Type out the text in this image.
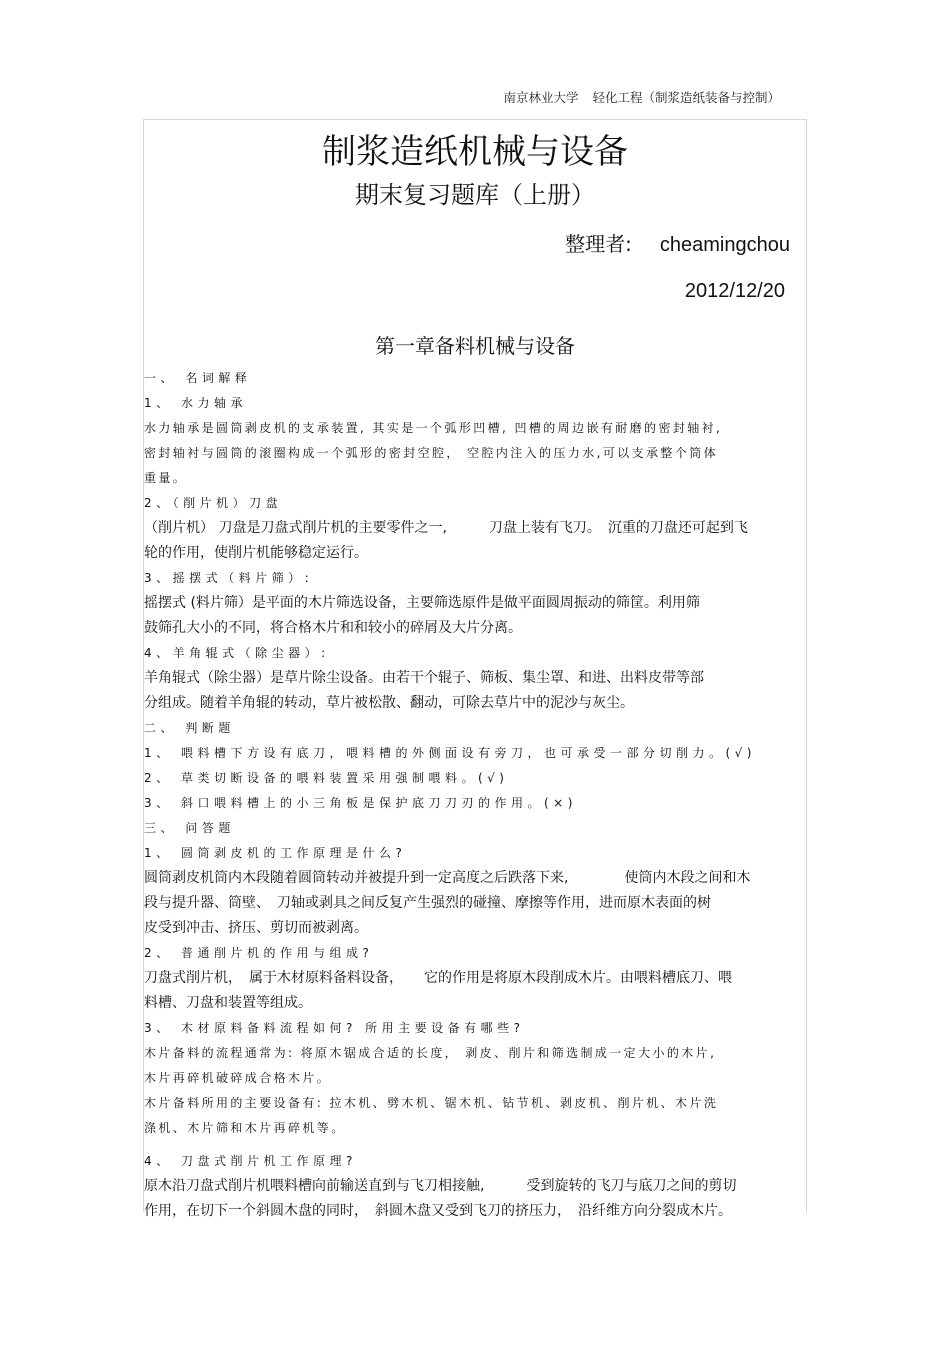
南京林业大学 轻化工程（制浆造纸装备与控制）
制浆造纸机械与设备
期末复习题库（上册）
整理者: cheamingchou
2012/12/20
第一章备料机械与设备

一、 名词解释

1、 水力轴承

水力轴承是圆筒剥皮机的支承装置, 其实是一个弧形凹槽, 凹槽的周边嵌有耐磨的密封轴衬,

密封轴衬与圆筒的滚圈构成一个弧形的密封空腔， 空腔内注入的压力水,可以支承整个筒体

重量。

2、（削片机）刀盘

（削片机） 刀盘是刀盘式削片机的主要零件之一,　　　刀盘上装有飞刀。　沉重的刀盘还可起到飞

轮的作用，使削片机能够稳定运行。

3、摇摆式（料片筛）:

摇摆式 (料片筛）是平面的木片筛选设备，主要筛选原件是做平面圆周振动的筛筐。利用筛

鼓筛孔大小的不同，将合格木片和和较小的碎屑及大片分离。

4、羊角辊式（除尘器）:

羊角辊式（除尘器）是草片除尘设备。由若干个辊子、筛板、集尘罩、和进、出料皮带等部

分组成。随着羊角辊的转动，草片被松散、翻动，可除去草片中的泥沙与灰尘。

二、 判断题

1、 喂料槽下方设有底刀，喂料槽的外侧面设有旁刀，也可承受一部分切削力。(√)

2、 草类切断设备的喂料装置采用强制喂料。(√)

3、 斜口喂料槽上的小三角板是保护底刀刀刃的作用。(×)

三、 问答题

1、 圆筒剥皮机的工作原理是什么?

圆筒剥皮机筒内木段随着圆筒转动并被提升到一定高度之后跌落下来,　　　　使筒内木段之间和木

段与提升器、筒壁、　刀轴或剥具之间反复产生强烈的碰撞、摩擦等作用，进而原木表面的树

皮受到冲击、挤压、剪切而被剥离。

2、 普通削片机的作用与组成?

刀盘式削片机，　属于木材原料备料设备，　　它的作用是将原木段削成木片。由喂料槽底刀、喂

料槽、刀盘和装置等组成。

3、 木材原料备料流程如何? 所用主要设备有哪些?

木片备料的流程通常为: 将原木锯成合适的长度， 剥皮、削片和筛选制成一定大小的木片,

木片再碎机破碎成合格木片。

木片备料所用的主要设备有: 拉木机、劈木机、锯木机、钻节机、剥皮机、削片机、木片洗

涤机、木片筛和木片再碎机等。

4、 刀盘式削片机工作原理?

原木沿刀盘式削片机喂料槽向前输送直到与飞刀相接触,　　　受到旋转的飞刀与底刀之间的剪切

作用，在切下一个斜圆木盘的同时，　斜圆木盘又受到飞刀的挤压力，　沿纤维方向分裂成木片。
